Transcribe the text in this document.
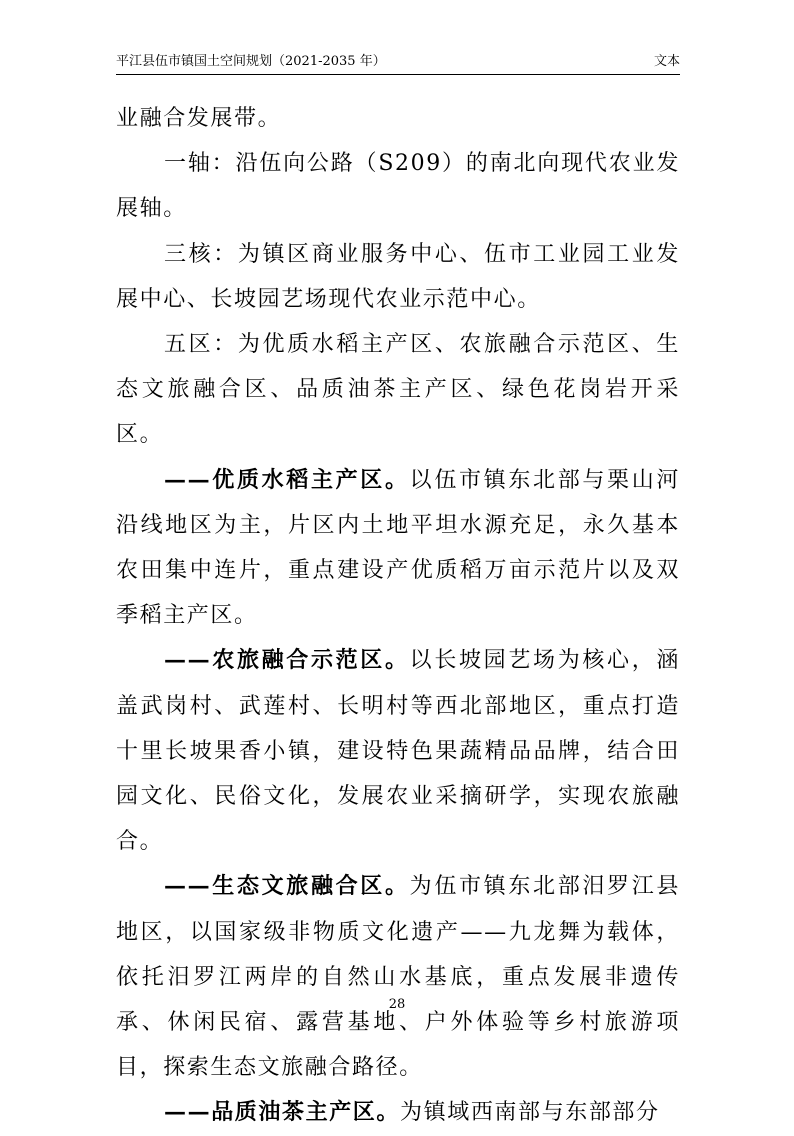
平江县伍市镇国土空间规划（2021-2035 年）	文本

业融合发展带。

一轴：沿伍向公路（S209）的南北向现代农业发展轴。

三核：为镇区商业服务中心、伍市工业园工业发展中心、长坡园艺场现代农业示范中心。

五区：为优质水稻主产区、农旅融合示范区、生态文旅融合区、品质油茶主产区、绿色花岗岩开采区。

——优质水稻主产区。以伍市镇东北部与栗山河沿线地区为主，片区内土地平坦水源充足，永久基本农田集中连片，重点建设产优质稻万亩示范片以及双季稻主产区。

——农旅融合示范区。以长坡园艺场为核心，涵盖武岗村、武莲村、长明村等西北部地区，重点打造十里长坡果香小镇，建设特色果蔬精品品牌，结合田园文化、民俗文化，发展农业采摘研学，实现农旅融合。

——生态文旅融合区。为伍市镇东北部汨罗江县地区，以国家级非物质文化遗产——九龙舞为载体，依托汨罗江两岸的自然山水基底，重点发展非遗传承、休闲民宿、露营基地、户外体验等乡村旅游项目，探索生态文旅融合路径。

——品质油茶主产区。为镇域西南部与东部部分

28
